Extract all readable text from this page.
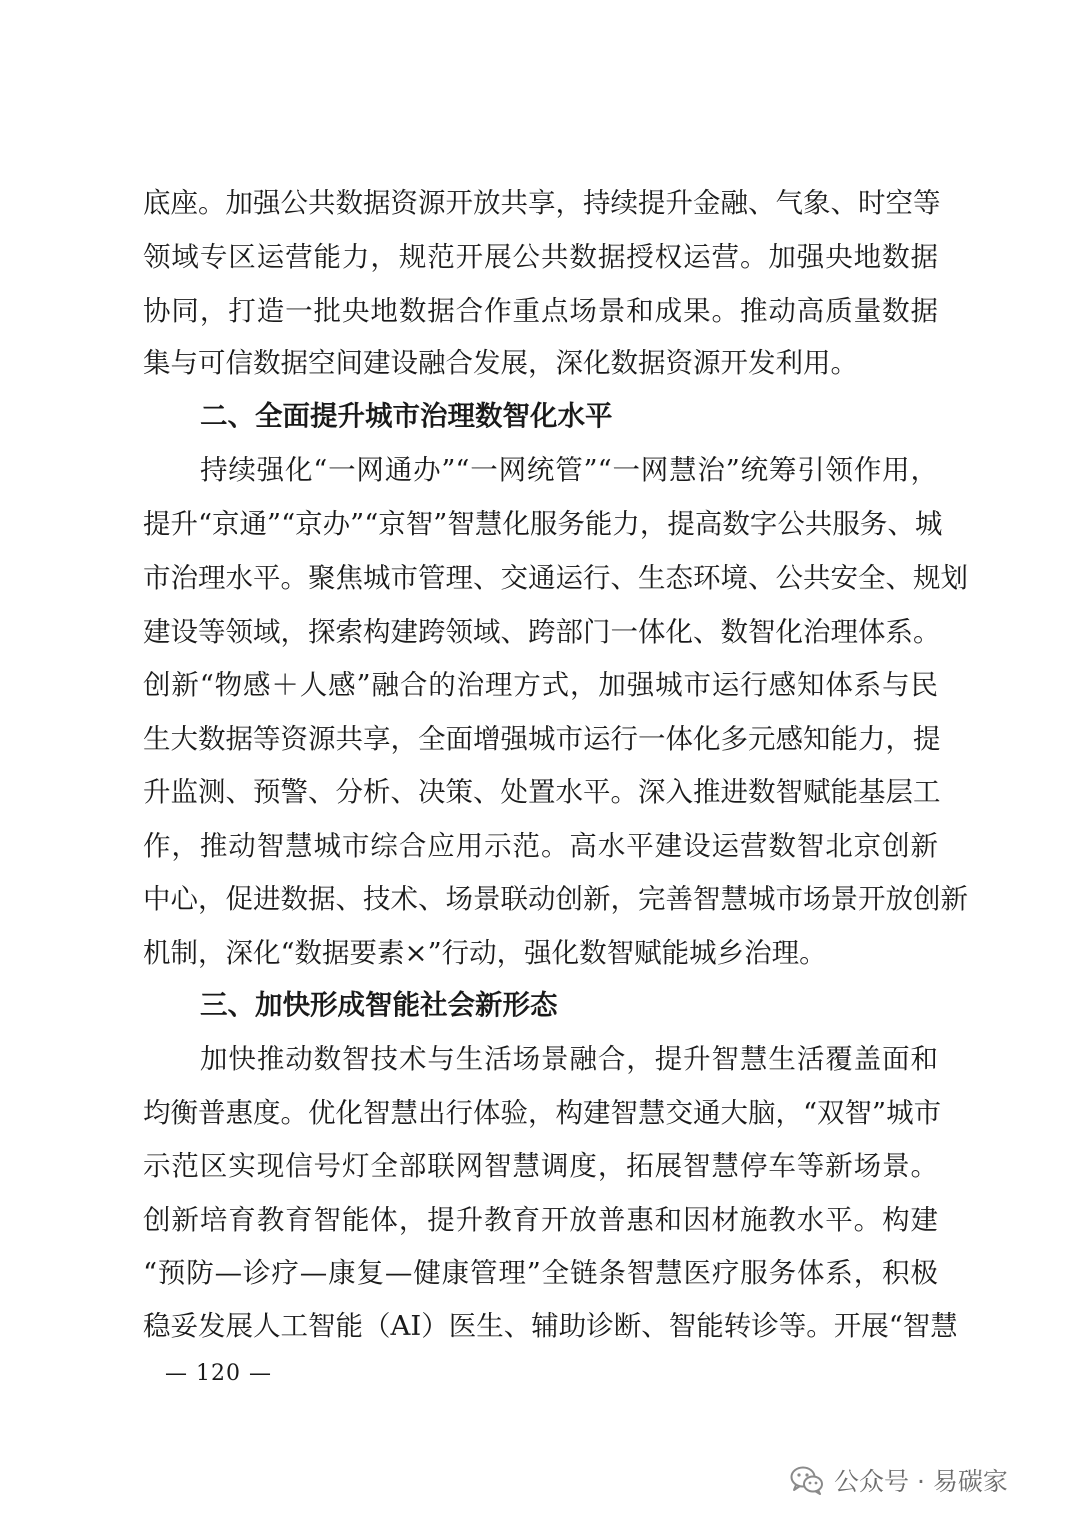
底座。加强公共数据资源开放共享，持续提升金融、气象、时空等
领域专区运营能力，规范开展公共数据授权运营。加强央地数据
协同，打造一批央地数据合作重点场景和成果。推动高质量数据
集与可信数据空间建设融合发展，深化数据资源开发利用。
二、全面提升城市治理数智化水平
持续强化“一网通办”“一网统管”“一网慧治”统筹引领作用，
提升“京通”“京办”“京智”智慧化服务能力，提高数字公共服务、城
市治理水平。聚焦城市管理、交通运行、生态环境、公共安全、规划
建设等领域，探索构建跨领域、跨部门一体化、数智化治理体系。
创新“物感＋人感”融合的治理方式，加强城市运行感知体系与民
生大数据等资源共享，全面增强城市运行一体化多元感知能力，提
升监测、预警、分析、决策、处置水平。深入推进数智赋能基层工
作，推动智慧城市综合应用示范。高水平建设运营数智北京创新
中心，促进数据、技术、场景联动创新，完善智慧城市场景开放创新
机制，深化“数据要素×”行动，强化数智赋能城乡治理。
三、加快形成智能社会新形态
加快推动数智技术与生活场景融合，提升智慧生活覆盖面和
均衡普惠度。优化智慧出行体验，构建智慧交通大脑，“双智”城市
示范区实现信号灯全部联网智慧调度，拓展智慧停车等新场景。
创新培育教育智能体，提升教育开放普惠和因材施教水平。构建
“预防—诊疗—康复—健康管理”全链条智慧医疗服务体系，积极
稳妥发展人工智能（AI）医生、辅助诊断、智能转诊等。开展“智慧
— 120 —
公众号 · 易碳家
